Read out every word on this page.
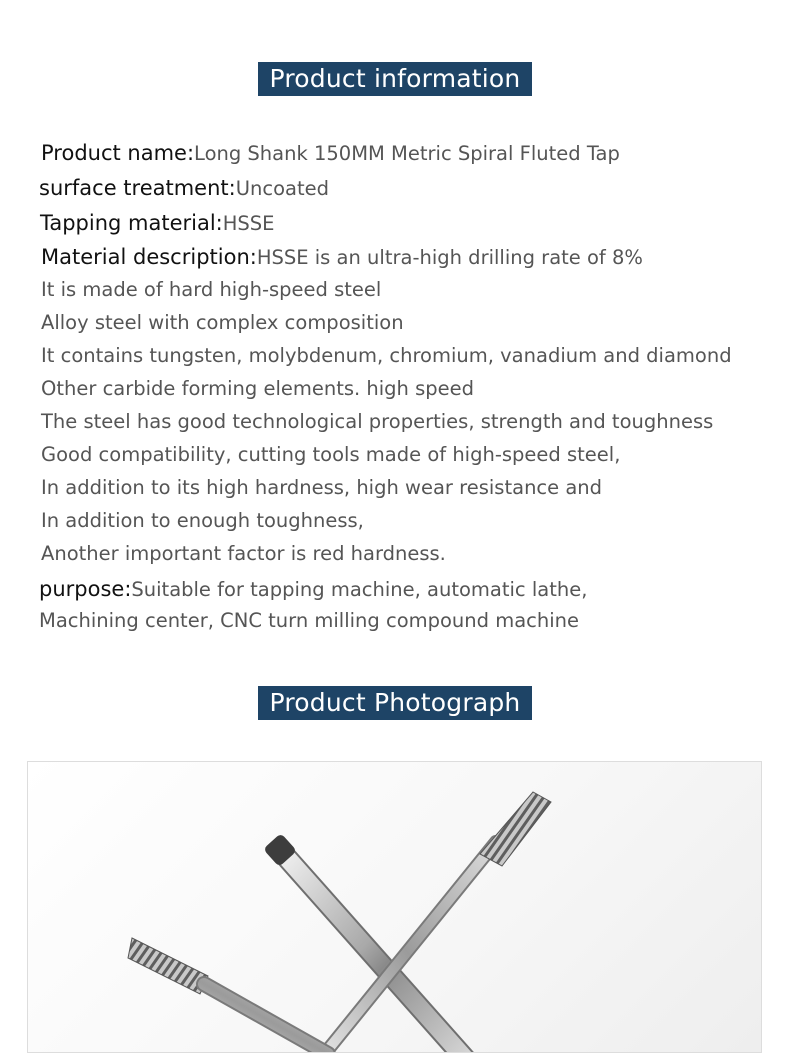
Product information
Product name:Long Shank 150MM Metric Spiral Fluted Tap
surface treatment:Uncoated
Tapping material:HSSE
Material description:HSSE is an ultra-high drilling rate of 8%
It is made of hard high-speed steel
Alloy steel with complex composition
It contains tungsten, molybdenum, chromium, vanadium and diamond
Other carbide forming elements. high speed
The steel has good technological properties, strength and toughness
Good compatibility, cutting tools made of high-speed steel,
In addition to its high hardness, high wear resistance and
In addition to enough toughness,
Another important factor is red hardness.
purpose:Suitable for tapping machine, automatic lathe,
Machining center, CNC turn milling compound machine
Product Photograph
